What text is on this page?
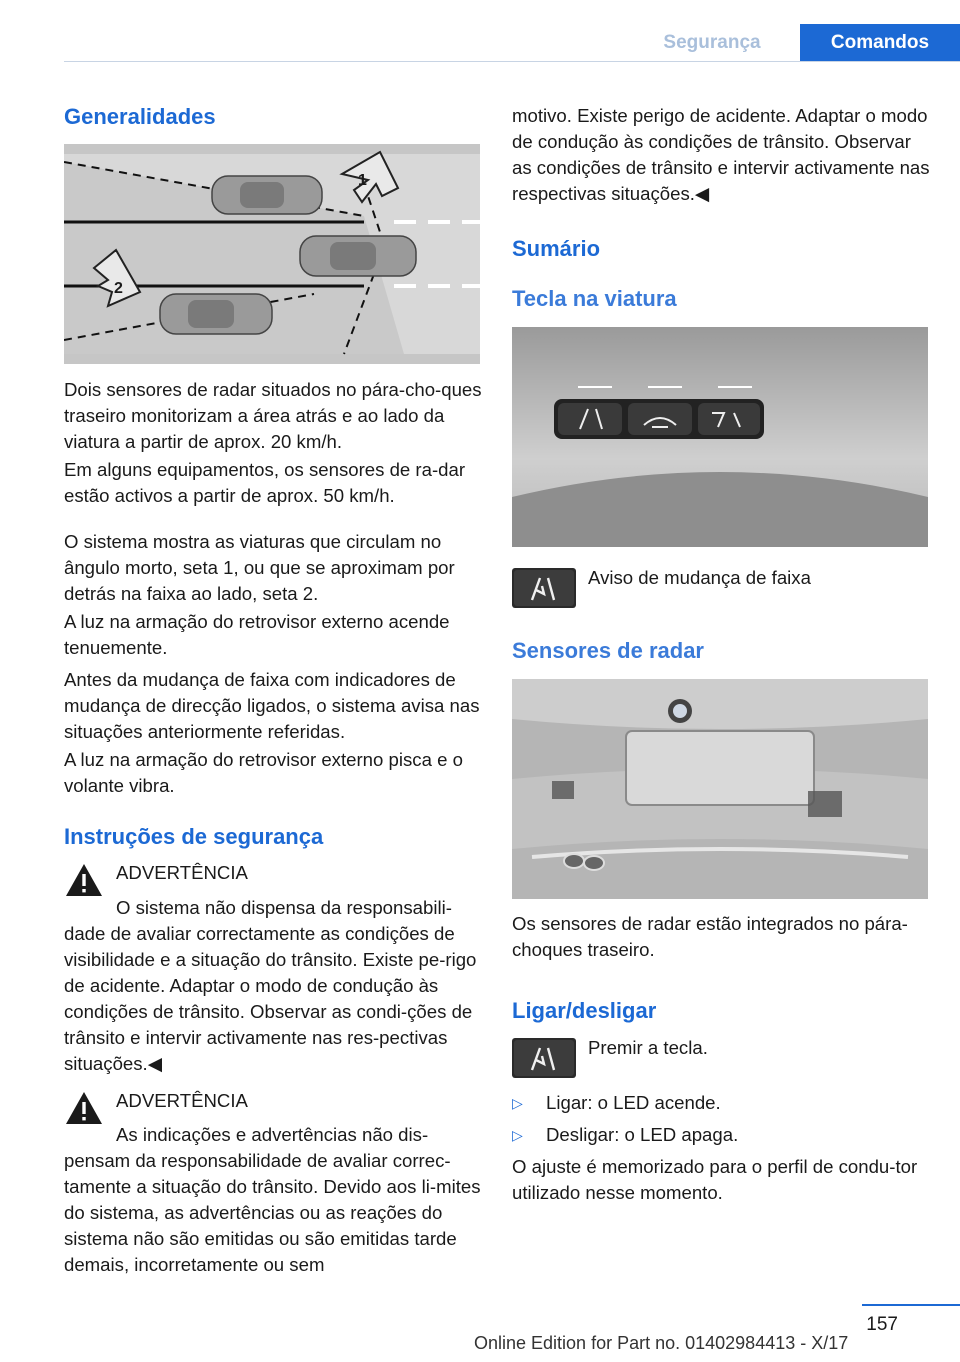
Segurança	Comandos
Generalidades
1
2

Dois sensores de radar situados no pára-cho-ques traseiro monitorizam a área atrás e ao lado da viatura a partir de aprox. 20 km/h.

Em alguns equipamentos, os sensores de ra-dar estão activos a partir de aprox. 50 km/h.

O sistema mostra as viaturas que circulam no ângulo morto, seta 1, ou que se aproximam por detrás na faixa ao lado, seta 2.

A luz na armação do retrovisor externo acende tenuemente.

Antes da mudança de faixa com indicadores de mudança de direcção ligados, o sistema avisa nas situações anteriormente referidas.

A luz na armação do retrovisor externo pisca e o volante vibra.

Instruções de segurança

ADVERTÊNCIA

O sistema não dispensa da responsabili-

dade de avaliar correctamente as condições de visibilidade e a situação do trânsito. Existe pe-rigo de acidente. Adaptar o modo de condução às condições de trânsito. Observar as condi-ções de trânsito e intervir activamente nas res-pectivas situações.◀

ADVERTÊNCIA

As indicações e advertências não dis-

pensam da responsabilidade de avaliar correc-tamente a situação do trânsito. Devido aos li-mites do sistema, as advertências ou as reações do sistema não são emitidas ou são emitidas tarde demais, incorretamente ou sem

motivo. Existe perigo de acidente. Adaptar o modo de condução às condições de trânsito. Observar as condições de trânsito e intervir activamente nas respectivas situações.◀

Sumário
Tecla na viatura

Aviso de mudança de faixa

Sensores de radar

Os sensores de radar estão integrados no pára-choques traseiro.

Ligar/desligar

Premir a tecla.

▷ Ligar: o LED acende.

▷ Desligar: o LED apaga.

O ajuste é memorizado para o perfil de condu-tor utilizado nesse momento.

157
Online Edition for Part no. 01402984413 - X/17
